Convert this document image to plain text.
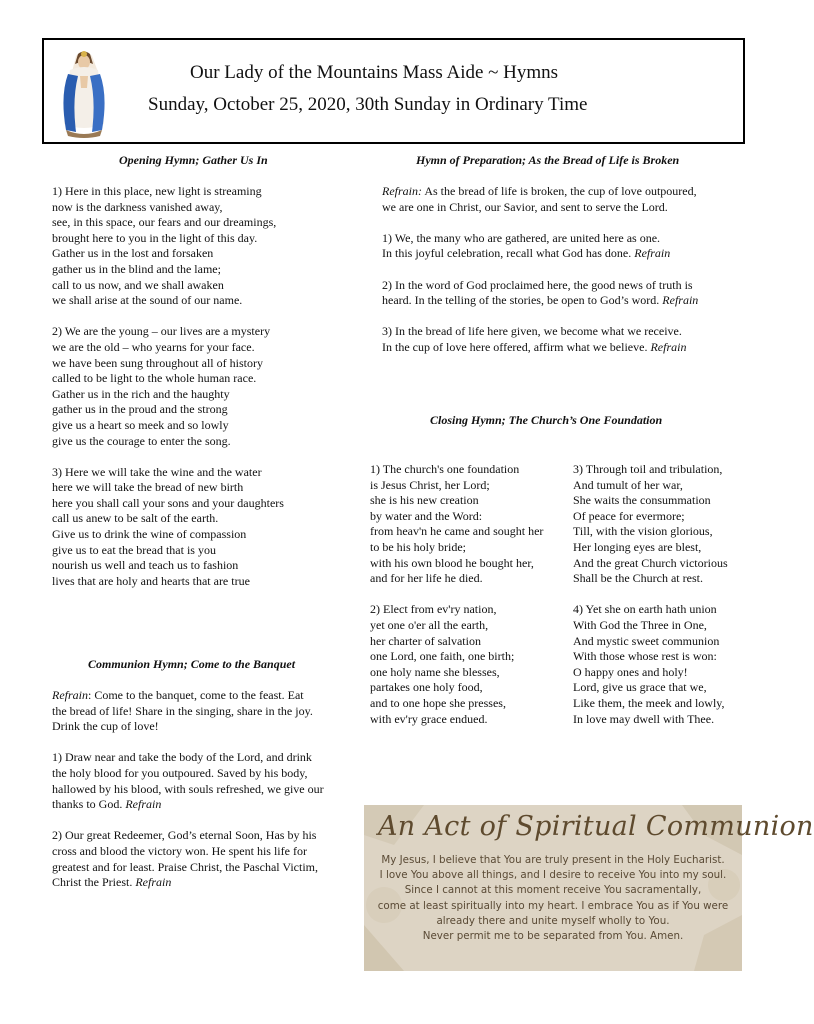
Our Lady of the Mountains Mass Aide ~ Hymns
Sunday, October 25, 2020, 30th Sunday in Ordinary Time
Opening Hymn; Gather Us In
1) Here in this place, new light is streaming
now is the darkness vanished away,
see, in this space, our fears and our dreamings,
brought here to you in the light of this day.
Gather us in the lost and forsaken
gather us in the blind and the lame;
call to us now, and we shall awaken
we shall arise at the sound of our name.
2) We are the young – our lives are a mystery
we are the old – who yearns for your face.
we have been sung throughout all of history
called to be light to the whole human race.
Gather us in the rich and the haughty
gather us in the proud and the strong
give us a heart so meek and so lowly
give us the courage to enter the song.
3) Here we will take the wine and the water
here we will take the bread of new birth
here you shall call your sons and your daughters
call us anew to be salt of the earth.
Give us to drink the wine of compassion
give us to eat the bread that is you
nourish us well and teach us to fashion
lives that are holy and hearts that are true
Communion Hymn; Come to the Banquet
Refrain: Come to the banquet, come to the feast. Eat
the bread of life! Share in the singing, share in the joy.
Drink the cup of love!
1) Draw near and take the body of the Lord, and drink
the holy blood for you outpoured. Saved by his body,
hallowed by his blood, with souls refreshed, we give our
thanks to God. Refrain
2) Our great Redeemer, God’s eternal Soon, Has by his
cross and blood the victory won. He spent his life for
greatest and for least. Praise Christ, the Paschal Victim,
Christ the Priest. Refrain
Hymn of Preparation; As the Bread of Life is Broken
Refrain: As the bread of life is broken, the cup of love outpoured,
we are one in Christ, our Savior, and sent to serve the Lord.
1) We, the many who are gathered, are united here as one.
In this joyful celebration, recall what God has done. Refrain
2) In the word of God proclaimed here, the good news of truth is
heard. In the telling of the stories, be open to God’s word. Refrain
3) In the bread of life here given, we become what we receive.
In the cup of love here offered, affirm what we believe. Refrain
Closing Hymn; The Church’s One Foundation
1) The church's one foundation
is Jesus Christ, her Lord;
she is his new creation
by water and the Word:
from heav'n he came and sought her
to be his holy bride;
with his own blood he bought her,
and for her life he died.
2) Elect from ev'ry nation,
yet one o'er all the earth,
her charter of salvation
one Lord, one faith, one birth;
one holy name she blesses,
partakes one holy food,
and to one hope she presses,
with ev'ry grace endued.
3) Through toil and tribulation,
And tumult of her war,
She waits the consummation
Of peace for evermore;
Till, with the vision glorious,
Her longing eyes are blest,
And the great Church victorious
Shall be the Church at rest.
4) Yet she on earth hath union
With God the Three in One,
And mystic sweet communion
With those whose rest is won:
O happy ones and holy!
Lord, give us grace that we,
Like them, the meek and lowly,
In love may dwell with Thee.
An Act of Spiritual Communion
My Jesus, I believe that You are truly present in the Holy Eucharist.
I love You above all things, and I desire to receive You into my soul.
Since I cannot at this moment receive You sacramentally,
come at least spiritually into my heart. I embrace You as if You were
already there and unite myself wholly to You.
Never permit me to be separated from You. Amen.
